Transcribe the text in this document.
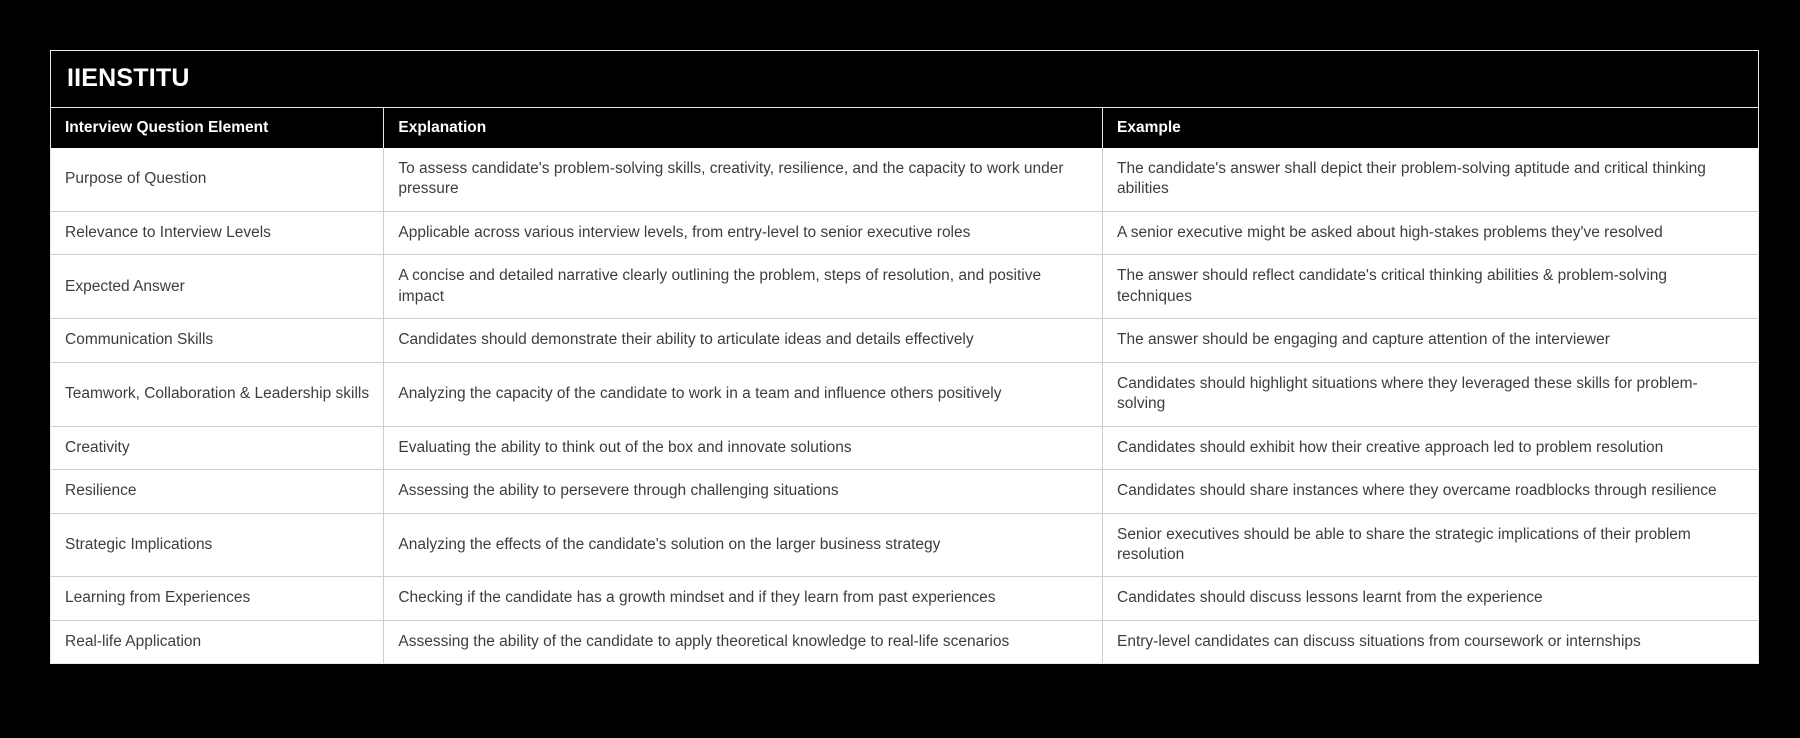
IIENSTITU
Interview Question Element	Explanation	Example
Purpose of Question	To assess candidate's problem-solving skills, creativity, resilience, and the capacity to work under pressure	The candidate's answer shall depict their problem-solving aptitude and critical thinking abilities
Relevance to Interview Levels	Applicable across various interview levels, from entry-level to senior executive roles	A senior executive might be asked about high-stakes problems they've resolved
Expected Answer	A concise and detailed narrative clearly outlining the problem, steps of resolution, and positive impact	The answer should reflect candidate's critical thinking abilities & problem-solving techniques
Communication Skills	Candidates should demonstrate their ability to articulate ideas and details effectively	The answer should be engaging and capture attention of the interviewer
Teamwork, Collaboration & Leadership skills	Analyzing the capacity of the candidate to work in a team and influence others positively	Candidates should highlight situations where they leveraged these skills for problem-solving
Creativity	Evaluating the ability to think out of the box and innovate solutions	Candidates should exhibit how their creative approach led to problem resolution
Resilience	Assessing the ability to persevere through challenging situations	Candidates should share instances where they overcame roadblocks through resilience
Strategic Implications	Analyzing the effects of the candidate's solution on the larger business strategy	Senior executives should be able to share the strategic implications of their problem resolution
Learning from Experiences	Checking if the candidate has a growth mindset and if they learn from past experiences	Candidates should discuss lessons learnt from the experience
Real-life Application	Assessing the ability of the candidate to apply theoretical knowledge to real-life scenarios	Entry-level candidates can discuss situations from coursework or internships
